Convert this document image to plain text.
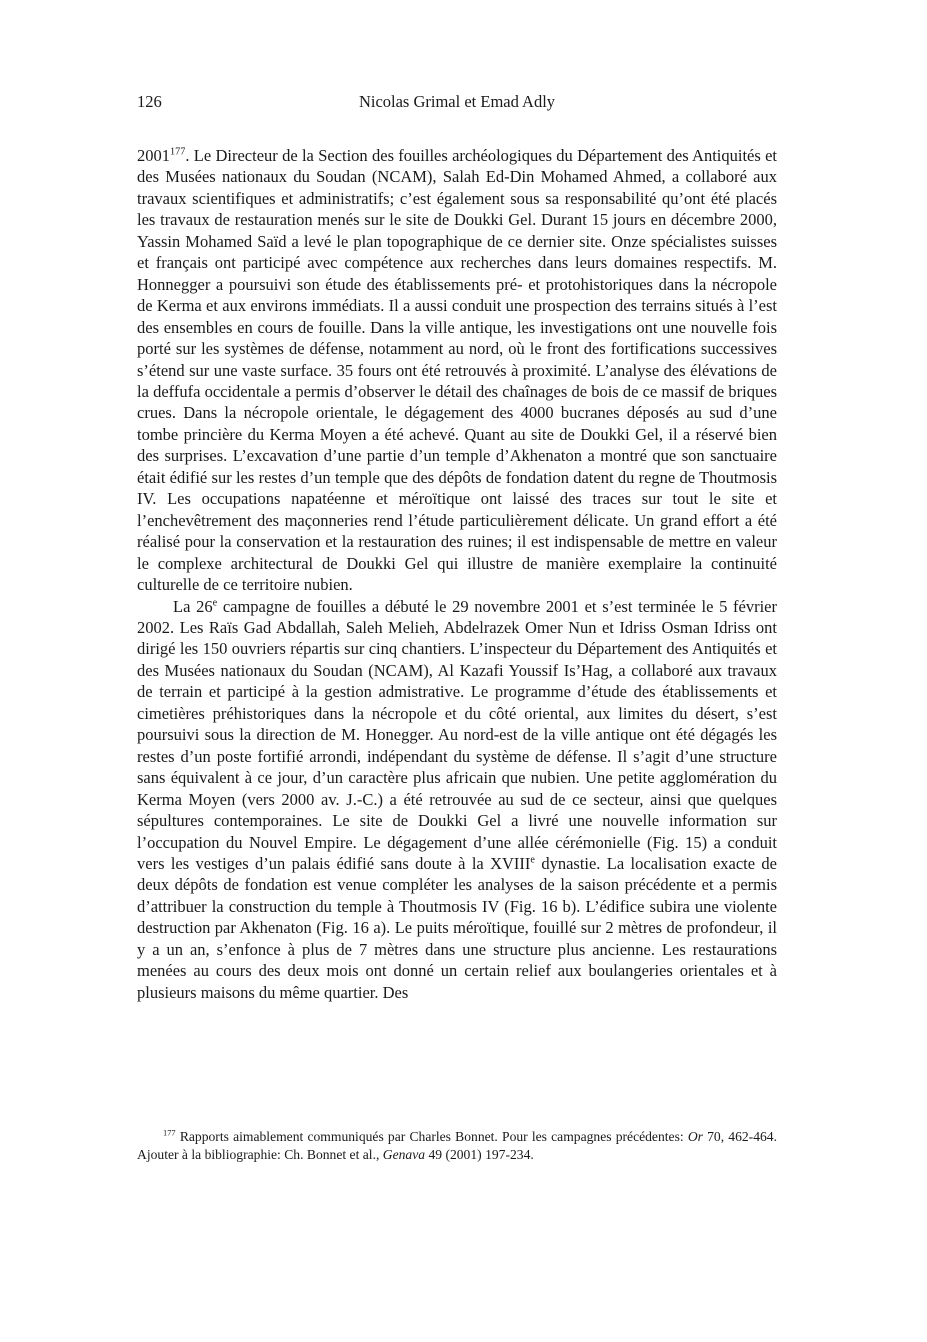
126	Nicolas Grimal et Emad Adly

2001$^{177}$. Le Directeur de la Section des fouilles archéologiques du Département des Antiquités et des Musées nationaux du Soudan (NCAM), Salah Ed-Din Mohamed Ahmed, a collaboré aux travaux scientifiques et administratifs; c’est également sous sa responsabilité qu’ont été placés les travaux de restauration menés sur le site de Doukki Gel. Durant 15 jours en décembre 2000, Yassin Mohamed Saïd a levé le plan topographique de ce dernier site. Onze spécialistes suisses et français ont participé avec compétence aux recherches dans leurs domaines respectifs. M. Honnegger a poursuivi son étude des établissements pré- et protohistoriques dans la nécropole de Kerma et aux environs immédiats. Il a aussi conduit une prospection des terrains situés à l’est des ensembles en cours de fouille. Dans la ville antique, les investigations ont une nouvelle fois porté sur les systèmes de défense, notamment au nord, où le front des fortifications successives s’étend sur une vaste surface. 35 fours ont été retrouvés à proximité. L’analyse des élévations de la deffufa occidentale a permis d’observer le détail des chaînages de bois de ce massif de briques crues. Dans la nécropole orientale, le dégagement des 4000 bucranes déposés au sud d’une tombe princière du Kerma Moyen a été achevé. Quant au site de Doukki Gel, il a réservé bien des surprises. L’excavation d’une partie d’un temple d’Akhenaton a montré que son sanctuaire était édifié sur les restes d’un temple que des dépôts de fondation datent du regne de Thoutmosis IV. Les occupations napatéenne et méroïtique ont laissé des traces sur tout le site et l’enchevêtrement des maçonneries rend l’étude particulièrement délicate. Un grand effort a été réalisé pour la conservation et la restauration des ruines; il est indispensable de mettre en valeur le complexe architectural de Doukki Gel qui illustre de manière exemplaire la continuité culturelle de ce territoire nubien.

La 26e campagne de fouilles a débuté le 29 novembre 2001 et s’est terminée le 5 février 2002. Les Raïs Gad Abdallah, Saleh Melieh, Abdelrazek Omer Nun et Idriss Osman Idriss ont dirigé les 150 ouvriers répartis sur cinq chantiers. L’inspecteur du Département des Antiquités et des Musées nationaux du Soudan (NCAM), Al Kazafi Youssif Is’Hag, a collaboré aux travaux de terrain et participé à la gestion admistrative. Le programme d’étude des établissements et cimetières préhistoriques dans la nécropole et du côté oriental, aux limites du désert, s’est poursuivi sous la direction de M. Honegger. Au nord-est de la ville antique ont été dégagés les restes d’un poste fortifié arrondi, indépendant du système de défense. Il s’agit d’une structure sans équivalent à ce jour, d’un caractère plus africain que nubien. Une petite agglomération du Kerma Moyen (vers 2000 av. J.-C.) a été retrouvée au sud de ce secteur, ainsi que quelques sépultures contemporaines. Le site de Doukki Gel a livré une nouvelle information sur l’occupation du Nouvel Empire. Le dégagement d’une allée cérémonielle (Fig. 15) a conduit vers les vestiges d’un palais édifié sans doute à la XVIIIe dynastie. La localisation exacte de deux dépôts de fondation est venue compléter les analyses de la saison précédente et a permis d’attribuer la construction du temple à Thoutmosis IV (Fig. 16 b). L’édifice subira une violente destruction par Akhenaton (Fig. 16 a). Le puits méroïtique, fouillé sur 2 mètres de profondeur, il y a un an, s’enfonce à plus de 7 mètres dans une structure plus ancienne. Les restaurations menées au cours des deux mois ont donné un certain relief aux boulangeries orientales et à plusieurs maisons du même quartier. Des

$^{177}$ Rapports aimablement communiqués par Charles Bonnet. Pour les campagnes précédentes: Or 70, 462-464. Ajouter à la bibliographie: Ch. Bonnet et al., Genava 49 (2001) 197-234.
